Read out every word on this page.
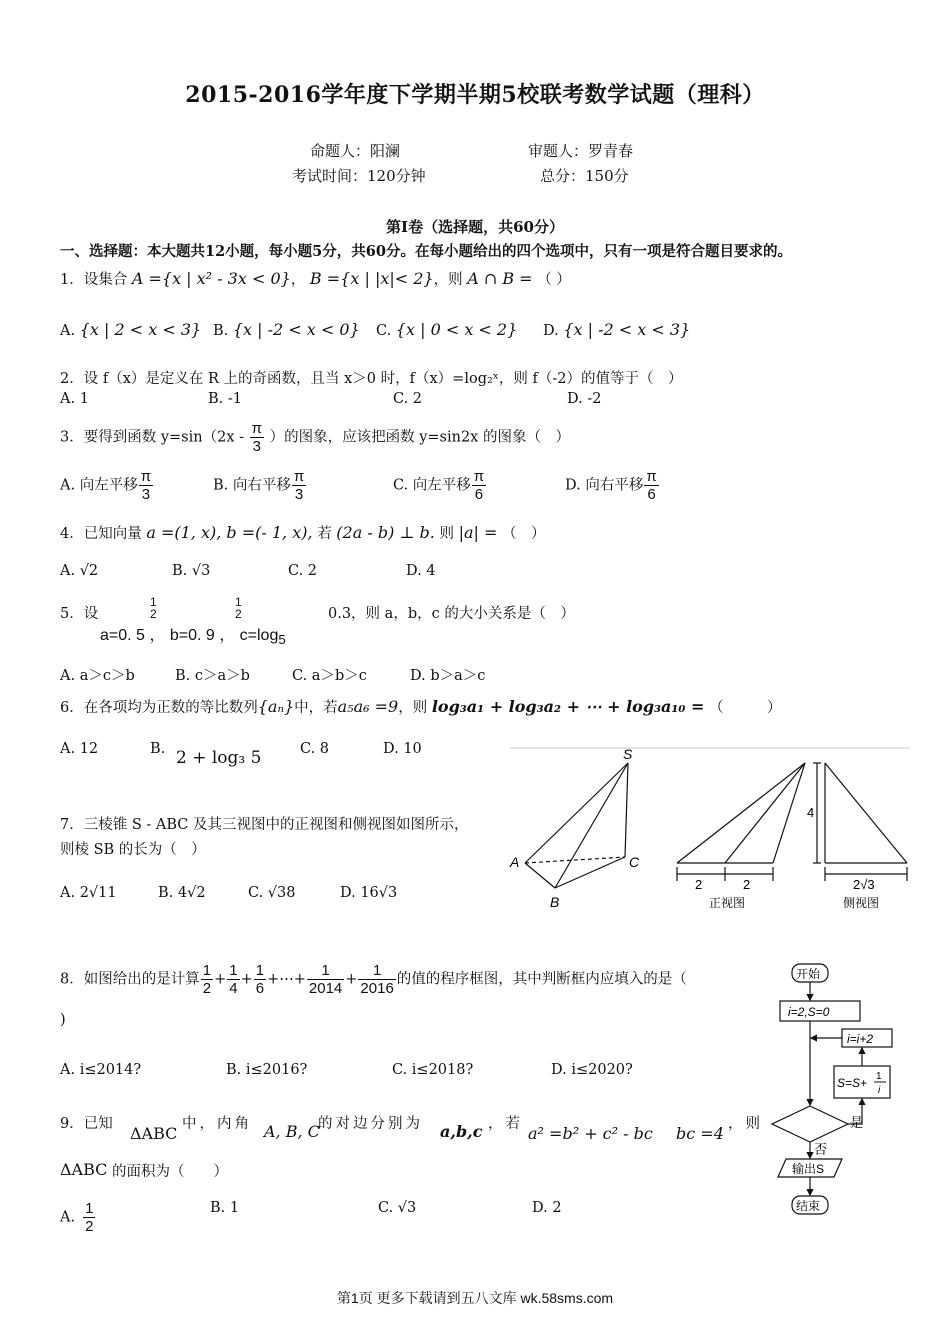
2015-2016学年度下学期半期5校联考数学试题（理科）
命题人：阳澜	审题人：罗青春
考试时间：120分钟	总分：150分
第Ⅰ卷（选择题，共60分）
一、选择题：本大题共12小题，每小题5分，共60分。在每小题给出的四个选项中，只有一项是符合题目要求的。
1．设集合 A ={x | x² - 3x < 0}， B ={x | |x|< 2}，则 A ∩ B = （ ）
A. {x | 2 < x < 3} B. {x | -2 < x < 0} C. {x | 0 < x < 2} D. {x | -2 < x < 3}
2．设 f（x）是定义在 R 上的奇函数，且当 x＞0 时，f（x）=log₂ˣ，则 f（-2）的值等于（　）
A. 1	B. -1	C. 2	D. -2
3．要得到函数 $y=\sin(2x - \frac{\pi}{3}$ ）的图象，应该把函数 y=sin2x 的图象（　）
A. 向左平移 $\frac{\pi}{3}$	B. 向右平移 $\frac{\pi}{3}$	C. 向左平移 $\frac{\pi}{6}$	D. 向右平移 $\frac{\pi}{6}$
4．已知向量 a =(1, x), b =(- 1, x), 若 (2a - b) ⊥ b. 则 |a| = （　）
A. √2	B. √3	C. 2	D. 4
5．设
1
2
1
2
a=0. 5 ， b=0. 9 ， $c=\log_5$
0.3，则 a，b，c 的大小关系是（　）
A. a＞c＞b	B. c＞a＞b	C. a＞b＞c	D. b＞a＞c
6．在各项均为正数的等比数列{aₙ}中，若a₅a₆ =9，则 log₃a₁ + log₃a₂ + ⋯ + log₃a₁₀ = （　　　）
A. 12	B. 2 + log₃ 5	C. 8	D. 10
7．三棱锥 S - ABC 及其三视图中的正视图和侧视图如图所示，
则棱 SB 的长为（　）
A. 2√11	B. 4√2	C. √38	D. 16√3
S
A
B
C
2	2
正视图
4
2√3
侧视图
8．如图给出的是计算 $\frac{1}{2} + \frac{1}{4} + \frac{1}{6}$ +⋯+ $\frac{1}{2014} + \frac{1}{2016}$ 的值的程序框图，其中判断框内应填入的是（
)
A. i≤2014?	B. i≤2016?	C. i≤2018?	D. i≤2020?
开始
i=2,S=0
i=i+2
S=S+ 1
i
是
否
输出S
结束
9．已知 ΔABC 中，内角 A, B, C
的对边分别为 a,b,c ，若 a² =b² + c² - bc bc =4 ，则
ΔABC 的面积为（　　）
A. $\frac{1}{2}$	B. 1	C. √3	D. 2
第1页 更多下载请到五八文库 wk.58sms.com
